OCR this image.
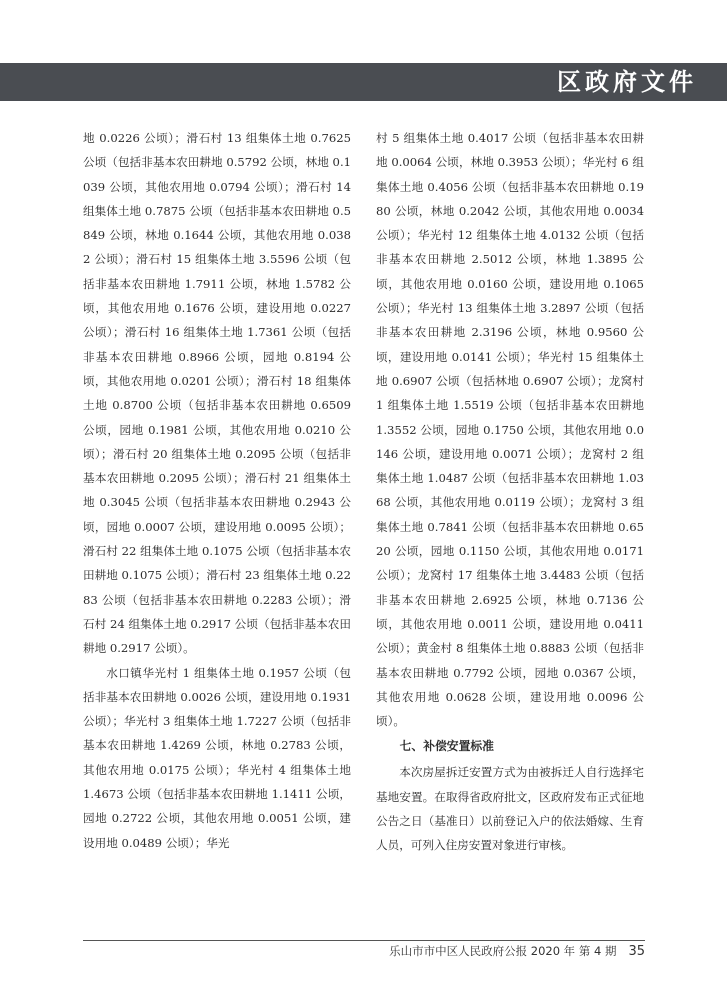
区政府文件

地 0.0226 公顷）；滑石村 13 组集体土地 0.7625 公顷（包括非基本农田耕地 0.5792 公顷，林地 0.1039 公顷，其他农用地 0.0794 公顷）；滑石村 14 组集体土地 0.7875 公顷（包括非基本农田耕地 0.5849 公顷，林地 0.1644 公顷，其他农用地 0.0382 公顷）；滑石村 15 组集体土地 3.5596 公顷（包括非基本农田耕地 1.7911 公顷，林地 1.5782 公顷，其他农用地 0.1676 公顷，建设用地 0.0227 公顷）；滑石村 16 组集体土地 1.7361 公顷（包括非基本农田耕地 0.8966 公顷，园地 0.8194 公顷，其他农用地 0.0201 公顷）；滑石村 18 组集体土地 0.8700 公顷（包括非基本农田耕地 0.6509 公顷，园地 0.1981 公顷，其他农用地 0.0210 公顷）；滑石村 20 组集体土地 0.2095 公顷（包括非基本农田耕地 0.2095 公顷）；滑石村 21 组集体土地 0.3045 公顷（包括非基本农田耕地 0.2943 公顷，园地 0.0007 公顷，建设用地 0.0095 公顷）；滑石村 22 组集体土地 0.1075 公顷（包括非基本农田耕地 0.1075 公顷）；滑石村 23 组集体土地 0.2283 公顷（包括非基本农田耕地 0.2283 公顷）；滑石村 24 组集体土地 0.2917 公顷（包括非基本农田耕地 0.2917 公顷）。

水口镇华光村 1 组集体土地 0.1957 公顷（包括非基本农田耕地 0.0026 公顷，建设用地 0.1931 公顷）；华光村 3 组集体土地 1.7227 公顷（包括非基本农田耕地 1.4269 公顷，林地 0.2783 公顷，其他农用地 0.0175 公顷）；华光村 4 组集体土地 1.4673 公顷（包括非基本农田耕地 1.1411 公顷，园地 0.2722 公顷，其他农用地 0.0051 公顷，建设用地 0.0489 公顷）；华光

村 5 组集体土地 0.4017 公顷（包括非基本农田耕地 0.0064 公顷，林地 0.3953 公顷）；华光村 6 组集体土地 0.4056 公顷（包括非基本农田耕地 0.1980 公顷，林地 0.2042 公顷，其他农用地 0.0034 公顷）；华光村 12 组集体土地 4.0132 公顷（包括非基本农田耕地 2.5012 公顷，林地 1.3895 公顷，其他农用地 0.0160 公顷，建设用地 0.1065 公顷）；华光村 13 组集体土地 3.2897 公顷（包括非基本农田耕地 2.3196 公顷，林地 0.9560 公顷，建设用地 0.0141 公顷）；华光村 15 组集体土地 0.6907 公顷（包括林地 0.6907 公顷）；龙窝村 1 组集体土地 1.5519 公顷（包括非基本农田耕地 1.3552 公顷，园地 0.1750 公顷，其他农用地 0.0146 公顷，建设用地 0.0071 公顷）；龙窝村 2 组集体土地 1.0487 公顷（包括非基本农田耕地 1.0368 公顷，其他农用地 0.0119 公顷）；龙窝村 3 组集体土地 0.7841 公顷（包括非基本农田耕地 0.6520 公顷，园地 0.1150 公顷，其他农用地 0.0171 公顷）；龙窝村 17 组集体土地 3.4483 公顷（包括非基本农田耕地 2.6925 公顷，林地 0.7136 公顷，其他农用地 0.0011 公顷，建设用地 0.0411 公顷）；黄金村 8 组集体土地 0.8883 公顷（包括非基本农田耕地 0.7792 公顷，园地 0.0367 公顷，其他农用地 0.0628 公顷，建设用地 0.0096 公顷）。

七、补偿安置标准

本次房屋拆迁安置方式为由被拆迁人自行选择宅基地安置。在取得省政府批文，区政府发布正式征地公告之日（基准日）以前登记入户的依法婚嫁、生育人员，可列入住房安置对象进行审核。

乐山市市中区人民政府公报 2020 年 第 4 期 35
